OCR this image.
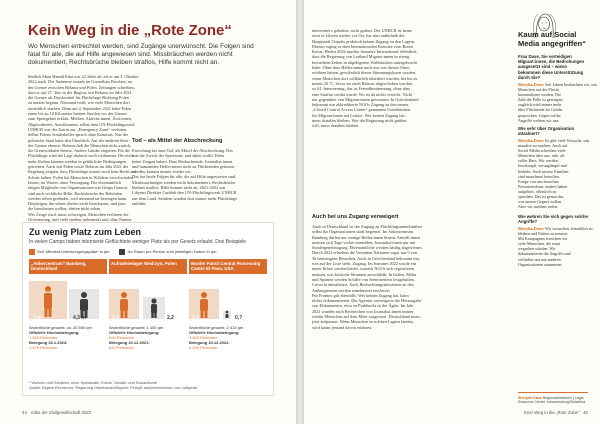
Kein Weg in die „Rote Zone“

Wo Menschen entrechtet werden, sind Zugänge unerwünscht. Die Folgen sind fatal für alle, die auf Hilfe angewiesen sind. Missbräuchen werden nicht dokumentiert, Rechtsbrüche bleiben straflos, Hilfe kommt nicht an.

Südlich Mara Hamid Eina war 22 Jahre alt, als er am 3. Oktober
2022 starb. Der Sudanese erstarb im Grenzfluss Bowlani, an
der Grenze zwischen Belarus und Polen. Zeitungen schrieben,
dass er auf 27. Tote in der Region, seit Belarus im Jahr 2021
die Grenze als Druckmittel für Flüchtlinge Richtung Polen
zu nutzen begann. Niemand weiß, wie viele Menschen dort
tatsächlich starben. Denn am 2. September 2021 hatte Polen
einen bis zu 10 Kilometer breiten Streifen vor der Grenze
zum Sperrgebiet erklärt. Medien, Aktivist:innen, Ärzt:innen,
Abgeordneten, Anwält:innen, selbst dem UN-Flüchtlingswerk
UNHCR war der Zutritt zur „Emergency Zone“ verboten.
Selbst Polens Sonderhelfer sprach ohne Kenntnis. Nur der
polnische Staat hatte den Überblick. Auf der anderen Seite
der Grenze ebenso: Belarus ließ die Menschen nicht zurück,
die Grenzsoldaten ebenso. Andere Länder zögerten. Für die
Flüchtlinge wird die Lage dadurch noch schlimmer. Die nicht
mehr fliehen können werden in gefährliche Bedingungen
getrieben. Auch seit Polen sowie Belarus im Jahr 2021 die
Regelung zeigten, dass Flüchtlinge immer noch kein Recht auf
Schutz haben. Polen hat Menschen in Wäldern verschwinden
lassen, im Winter, ohne Versorgung. Die ehrenamtlich
tätigen Mitglieder von Organisationen wie Grupa Granica
sind auch rechtliche Hilfe. Rechtsbrüche der Behörden
werden selten geahndet, weil niemand sie bezeugen kann.
Diejenigen, die sehen, dürfen nicht hinschauen, und jene,
die hinschauen wollen, dürfen nicht sehen.
Wer Zeuge wird, muss schweigen. Menschen verlieren die
Orientierung, und viele sterben unbemerkt und ohne Namen.
Tod – als Mittel der Abschreckung
Erreichung bis zum Tod, als Mittel der Abschreckung. Das
war die Zweck der Sperrzone, und dabei wollte Polen
keine Zeugen haben. Dass Beobachtende, Journalist:innen
und humanitäre Helfer:innen nicht zu Flüchtenden gelassen
werden, kommt immer wieder vor.
Das hat fatale Folgen für alle, die auf Hilfe angewiesen sind.
Missbrauchungen werden nicht dokumentiert, Rechtsbrüche
bleiben straflos, Hilfe kommt nicht an. 2021-2022 war
Libyens Direktor Gaddafi den UN-Flüchtlingswerk UNHCR
aus dem Land. Seitdem wurden dort immer mehr Flüchtlinge
entführt.
Zu wenig Platz zum Leben

In vielen Camps haben internierte Geflüchtete weniger Platz als per Gesetz erlaubt. Drei Beispiele

Soll: Mindest-Unterbringungsplatz* in qm	Ist: Raum pro Person zum jeweiligen Datum in qm
„Ankerzentrum“ Bamberg, Deutschland
7 m	4,3 m

Wohnfläche gesamt: ca. 20.500 qm
Offizielle Höchstbelegung:
1.500 Personen
Belegung 23.1.2023:
1.475 Personen

Aufnahmelager Wedrzyn, Polen
4,0	2,2

Wohnfläche gesamt: 1.400 qm
Offizielle Höchstbelegung:
600 Personen
Belegung 10.12.2021:
633 Personen

Border Patrol Central Processing Center El Paso, USA
4,0	0,?

Wohnfläche gesamt: 2.413 qm
Offizielle Höchstbelegung:
3.000 Personen
Belegung 19.12.2022:
6.400 Personen

* Wohnen und Schlafen; ohne Speisesäle, Küche, Sanitär- und Sozialräume
Quelle: Eigene Recherche; Regierung Oberfranken/Bayern; Prosyfi; asylumminorities; icrc; dailymail

44 Atlas der Zivilgesellschaft 2023

interveniert, gehalten, nicht geahnt. Der UNHCR ist heute
etwa in Libyen wieder vor Ort, hat aber außerhalb der
Hauptstadt Tripolis praktisch keinen Zugang zu den Lagern.
Ebenso erging es dem Internationalen Komitee vom Roten
Kreuz. Herbst 2022 machte Amnesty International öffentlich,
dass die Regierung von Lettland Migrant:innen in streng
bewachten Zelten in abgelegenen Waldstücken untergebracht
hatte. Ohne dass Helfer:innen auch nur von diesen Orten
erfahren hätten, gewöhnlich dieser Stimmungslosen wurden,
wenn Menschen dort willkürlich inhaftiert wurden, bei bis zu
minus 20 °C, bevor sie nach Belarus abgeschoben wurden,
so AI. Internierung, das ist Fremdbestimmung, ohne dass
eine Straftat verübt wurde. Wo ist da nichts erreicht. Nicht
nur gegenüber von Migrant:innen gewonnen. In Griechenland
bekommt nur akkreditierte NGOs Zugang zu den neuen,
„Closed Control Access Center“ genannten Unterkünften
für Migrant:innen auf Lesbos. Wer keinen Zugang hat,
muss draußen bleiben. Wer die Regierung nicht grüßen
will, muss draußen bleiben.
Auch bei uns Zugang verweigert
Auch in Deutschland ist der Zugang zu Flüchtlingsunterkünften
selbst für Organisationen stark begrenzt. Im Ankerzentrum
Bamberg dürfen nur wenige Helfer:innen hinein. Anwält:innen
müssen sich Tage vorher anmelden, Journalist:innen nur mit
Sondergenehmigung. Ehrenamtliche werden häufig abgewiesen.
Durch 2022 erhielten die Vereinten Nationen sogar nur 9 von
36 beantragten Besuchen. Auch in Griechenland bekommt nur,
wer auf der Liste steht, Zugang. Im Sommer 2022 wurde ein
neuer Erlass verabschiedet, wonach NGOs sich registrieren
müssen, was kritische Stimmen ausschließt. In Italien, Malta
und Spanien werden Schiffe von Seenotrettern festgehalten,
Crews kriminalisiert. Auch Beobachtungsmissionen an den
Außengrenzen werden zunehmend erschwert.
Für Frontex gilt ebenfalls: Wer keinen Zugang hat, kann
nichts dokumentieren. Die Agentur verweigerte die Herausgabe
von Dokumenten, etwa zu Pushbacks in der Ägäis. Im Jahr
2021 wurden nach Recherchen von Journalist:innen immer
wieder Menschen auf dem Meer ausgesetzt. Deutschland muss
jetzt aufpassen: Wenn Menschen in solchen Lagern landen,
wird kaum jemand davon erfahren.
Kaum auf Social Media angegriffen“

Frau Daxe, Sie verteidigen Migrant:innen, die Bedrohungen ausgesetzt sind – wieso bekommen diese Unterstützung durch Sie?

Sherylin Daxe: Seit Jahren beobachten wir, wie
Menschen auf der Flucht
kriminalisiert werden. Die
Zahl der Fälle ist gestiegen,
zugleich wird immer mehr
über Flüchtende als Gefahr
gesprochen. Gegen solche
Angriffe wehren wir uns.

Wie sehr über Organisation attackiert?

Sherylin Daxe: Es gibt viele Versuche, uns
mundtot zu machen. Auch auf
Social Media schreiben viele
Menschen über uns, sehr oft
voller Hass. Wir werden
beschimpft, verunglimpft und
bedroht. Auch unsere Familien
sind manchmal betroffen.
Einige von uns brauchen
Personenschutz, andere haben
aufgehört, öffentlich zu
sprechen. Das ist genau das,
was unsere Gegner wollen.
Aber wir machen weiter.

Wie wehren Sie sich gegen solche Angriffe?

Sherylin Daxe: Wir versuchen, freundlich zu
bleiben und Fakten zu nennen.
Mit Kampagnen erreichen wir
viele Menschen, die sonst
wegsehen würden. Wir
dokumentieren die Angriffe und
schließen uns mit anderen
Organisationen zusammen.

Sherylin Daxe Regionaldirektorin | Legal Resource Center Johannesburg/Südafrika

Kein Weg in die „Rote Zone“ 45
